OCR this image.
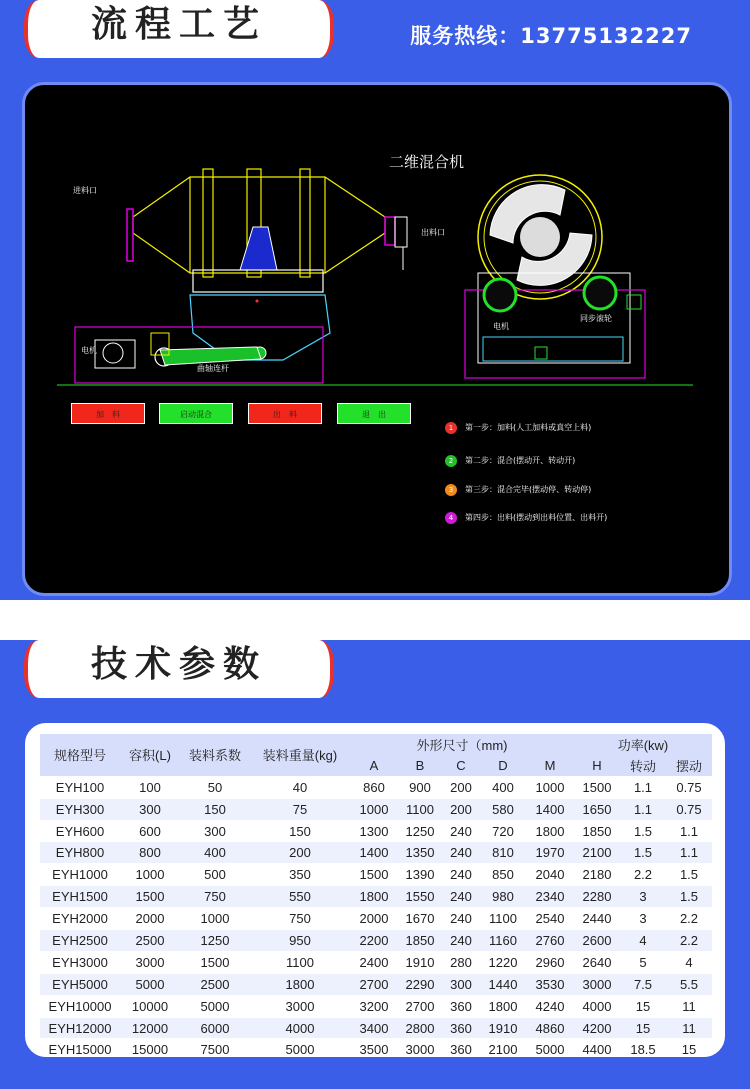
流程工艺	服务热线：13775132227
二维混合机
进料口
出料口
电机
曲轴连杆
电机
同步滚轮
加　料	启动混合	出　料	退　出
1	第一步：加料(人工加料或真空上料)
2	第二步：混合(摆动开、转动开)
3	第三步：混合完毕(摆动停、转动停)
4	第四步：出料(摆动到出料位置、出料开)
技术参数
规格型号	容积(L)	装料系数	装料重量(kg)	外形尺寸（mm)					功率(kw)		
				A	B	C	D	M	H	转动	摆动
EYH100	100	50	40	860	900	200	400	1000	1500	1.1	0.75
EYH300	300	150	75	1000	1100	200	580	1400	1650	1.1	0.75
EYH600	600	300	150	1300	1250	240	720	1800	1850	1.5	1.1
EYH800	800	400	200	1400	1350	240	810	1970	2100	1.5	1.1
EYH1000	1000	500	350	1500	1390	240	850	2040	2180	2.2	1.5
EYH1500	1500	750	550	1800	1550	240	980	2340	2280	3	1.5
EYH2000	2000	1000	750	2000	1670	240	1100	2540	2440	3	2.2
EYH2500	2500	1250	950	2200	1850	240	1160	2760	2600	4	2.2
EYH3000	3000	1500	1100	2400	1910	280	1220	2960	2640	5	4
EYH5000	5000	2500	1800	2700	2290	300	1440	3530	3000	7.5	5.5
EYH10000	10000	5000	3000	3200	2700	360	1800	4240	4000	15	11
EYH12000	12000	6000	4000	3400	2800	360	1910	4860	4200	15	11
EYH15000	15000	7500	5000	3500	3000	360	2100	5000	4400	18.5	15
